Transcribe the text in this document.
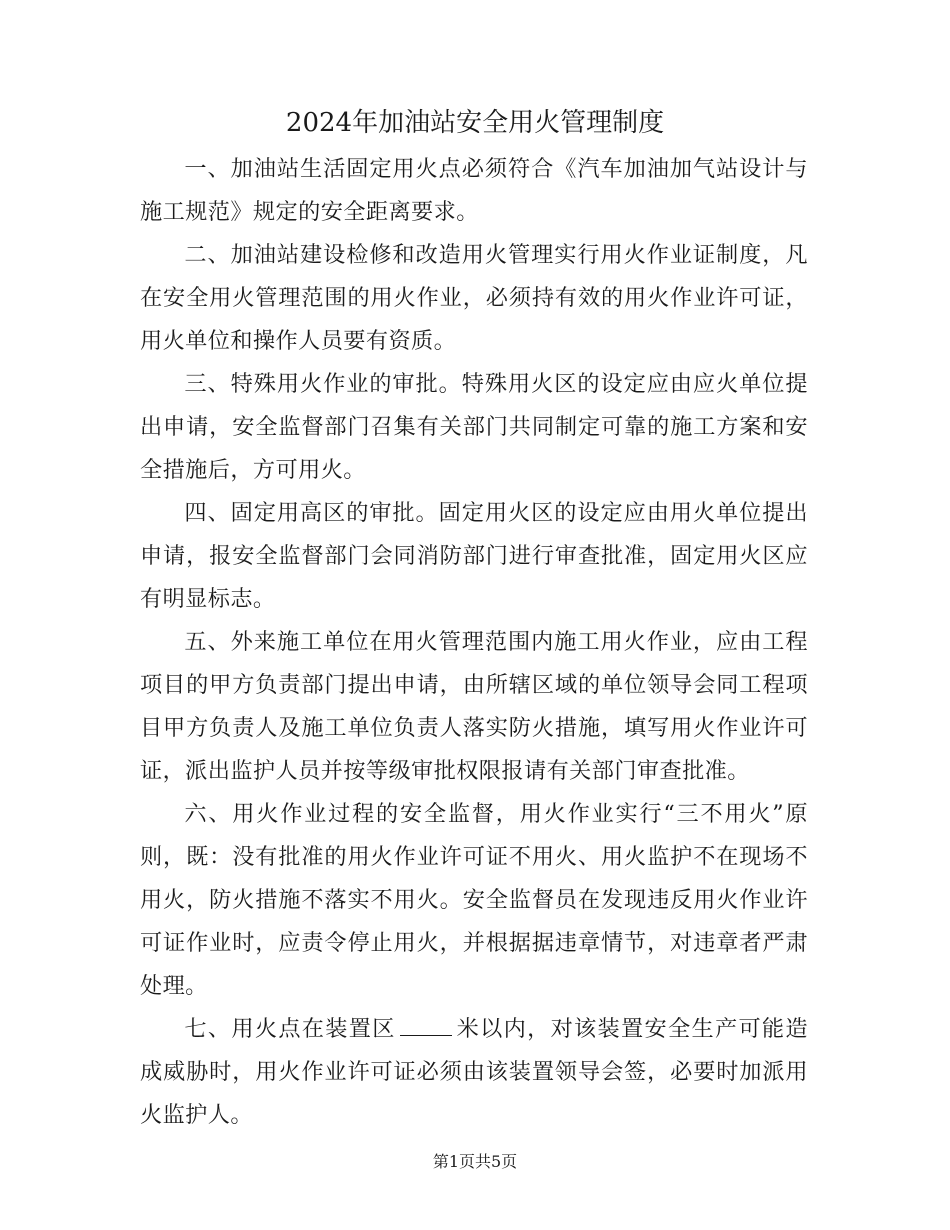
2024年加油站安全用火管理制度

一、加油站生活固定用火点必须符合《汽车加油加气站设计与施工规范》规定的安全距离要求。

二、加油站建设检修和改造用火管理实行用火作业证制度，凡在安全用火管理范围的用火作业，必须持有效的用火作业许可证，用火单位和操作人员要有资质。

三、特殊用火作业的审批。特殊用火区的设定应由应火单位提出申请，安全监督部门召集有关部门共同制定可靠的施工方案和安全措施后，方可用火。

四、固定用高区的审批。固定用火区的设定应由用火单位提出申请，报安全监督部门会同消防部门进行审查批准，固定用火区应有明显标志。

五、外来施工单位在用火管理范围内施工用火作业，应由工程项目的甲方负责部门提出申请，由所辖区域的单位领导会同工程项目甲方负责人及施工单位负责人落实防火措施，填写用火作业许可证，派出监护人员并按等级审批权限报请有关部门审查批准。

六、用火作业过程的安全监督，用火作业实行“三不用火”原则，既：没有批准的用火作业许可证不用火、用火监护不在现场不用火，防火措施不落实不用火。安全监督员在发现违反用火作业许可证作业时，应责令停止用火，并根据据违章情节，对违章者严肃处理。

七、用火点在装置区	米以内，对该装置安全生产可能造成威胁时，用火作业许可证必须由该装置领导会签，必要时加派用火监护人。

第1页共5页
